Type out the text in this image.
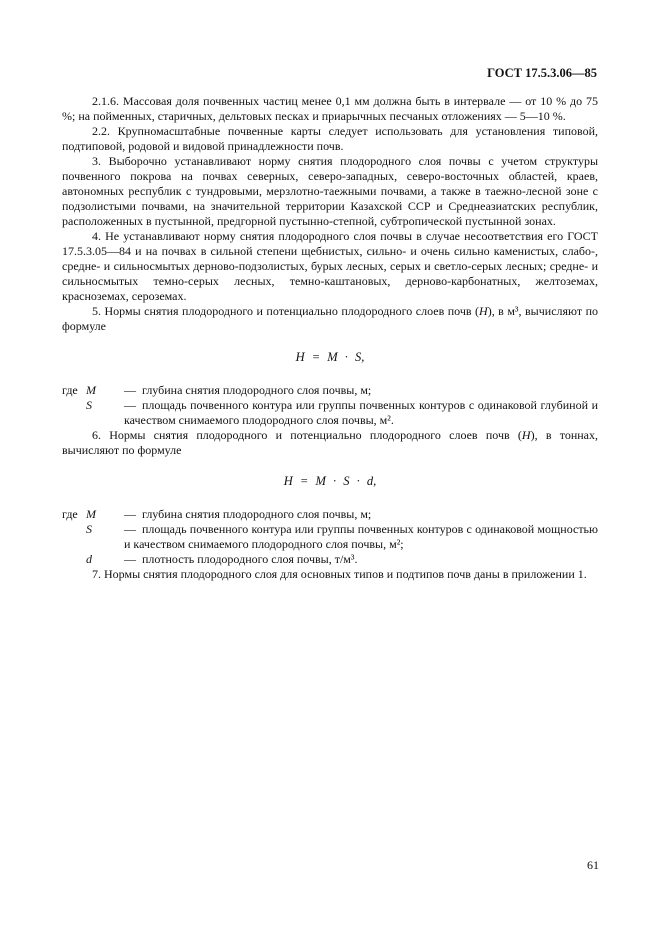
ГОСТ 17.5.3.06—85

2.1.6. Массовая доля почвенных частиц менее 0,1 мм должна быть в интервале — от 10 % до 75 %; на пойменных, старичных, дельтовых песках и приарычных песчаных отложениях — 5—10 %.

2.2. Крупномасштабные почвенные карты следует использовать для установления типовой, подтиповой, родовой и видовой принадлежности почв.

3. Выборочно устанавливают норму снятия плодородного слоя почвы с учетом структуры почвенного покрова на почвах северных, северо-западных, северо-восточных областей, краев, автономных республик с тундровыми, мерзлотно-таежными почвами, а также в таежно-лесной зоне с подзолистыми почвами, на значительной территории Казахской ССР и Среднеазиатских республик, расположенных в пустынной, предгорной пустынно-степной, субтропической пустынной зонах.

4. Не устанавливают норму снятия плодородного слоя почвы в случае несоответствия его ГОСТ 17.5.3.05—84 и на почвах в сильной степени щебнистых, сильно- и очень сильно каменистых, слабо-, средне- и сильносмытых дерново-подзолистых, бурых лесных, серых и светло-серых лесных; средне- и сильносмытых темно-серых лесных, темно-каштановых, дерново-карбонатных, желтоземах, красноземах, сероземах.

5. Нормы снятия плодородного и потенциально плодородного слоев почв (H), в м³, вычисляют по формуле

H = M · S,
где M	— глубина снятия плодородного слоя почвы, м;
S	— площадь почвенного контура или группы почвенных контуров с одинаковой глубиной и качеством снимаемого плодородного слоя почвы, м².

6. Нормы снятия плодородного и потенциально плодородного слоев почв (H), в тоннах, вычисляют по формуле

H = M · S · d,
где M	— глубина снятия плодородного слоя почвы, м;
S	— площадь почвенного контура или группы почвенных контуров с одинаковой мощностью и качеством снимаемого плодородного слоя почвы, м²;
d	— плотность плодородного слоя почвы, т/м³.

7. Нормы снятия плодородного слоя для основных типов и подтипов почв даны в приложении 1.

61
